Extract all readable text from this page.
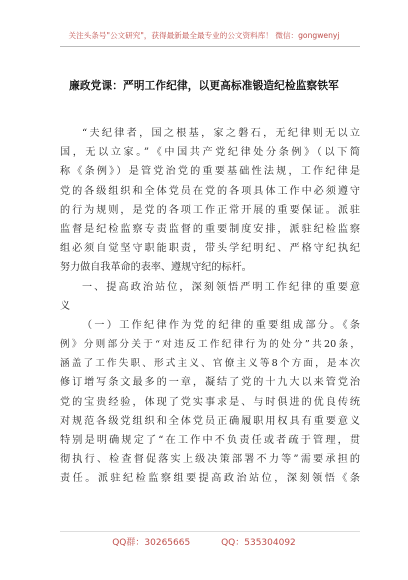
关注头条号"公文研究"，获得最新最全最专业的公文资料库！ 微信：gongwenyj
廉政党课：严明工作纪律，以更高标准锻造纪检监察铁军
“夫纪律者，国之根基，家之磐石，无纪律则无以立
国，无以立家。”《中国共产党纪律处分条例》（以下简
称《条例》）是管党治党的重要基础性法规，工作纪律是
党的各级组织和全体党员在党的各项具体工作中必须遵守
的行为规则，是党的各项工作正常开展的重要保证。派驻
监督是纪检监察专责监督的重要制度安排，派驻纪检监察
组必须自觉坚守职能职责，带头学纪明纪、严格守纪执纪
努力做自我革命的表率、遵规守纪的标杆。
一、提高政治站位，深刻领悟严明工作纪律的重要意
义
（一）工作纪律作为党的纪律的重要组成部分。《条
例》分则部分关于“对违反工作纪律行为的处分”共20条，
涵盖了工作失职、形式主义、官僚主义等8个方面，是本次
修订增写条文最多的一章，凝结了党的十九大以来管党治
党的宝贵经验，体现了党实事求是、与时俱进的优良传统
对规范各级党组织和全体党员正确履职用权具有重要意义
特别是明确规定了“在工作中不负责任或者疏于管理，贯
彻执行、检查督促落实上级决策部署不力等”需要承担的
责任。派驻纪检监察组要提高政治站位，深刻领悟《条
QQ群：30265665	QQ：535304092
